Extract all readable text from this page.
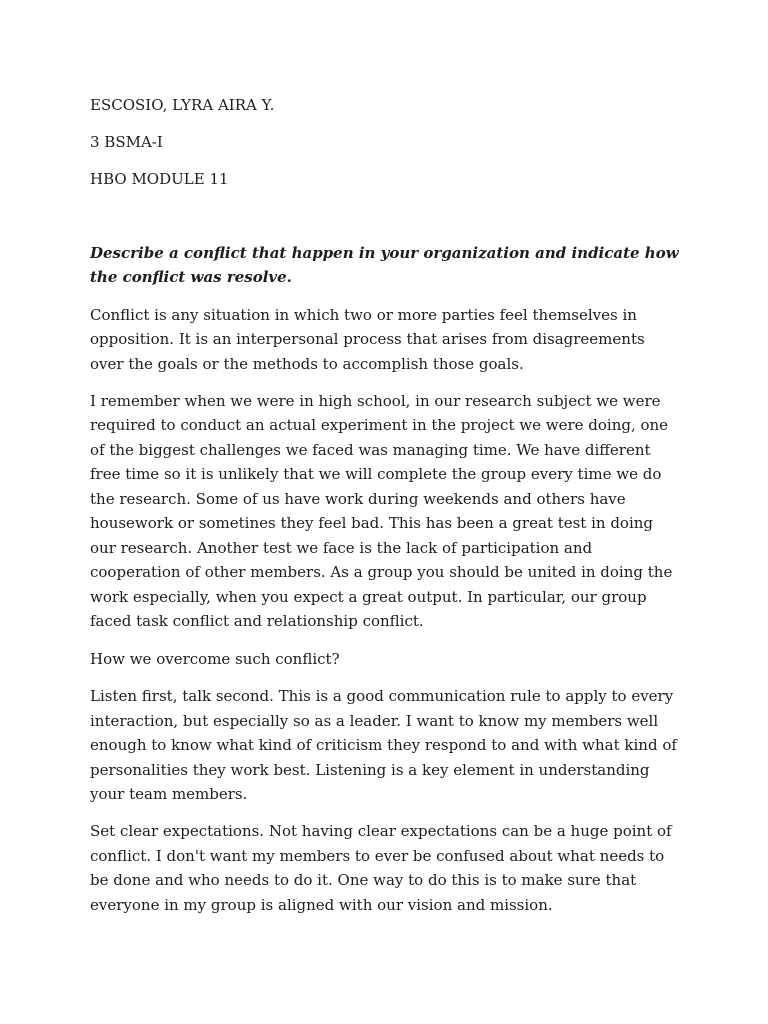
ESCOSIO, LYRA AIRA Y.
3 BSMA-I
HBO MODULE 11
Describe a conflict that happen in your organization and indicate how the conflict was resolve.
Conflict is any situation in which two or more parties feel themselves in opposition. It is an interpersonal process that arises from disagreements over the goals or the methods to accomplish those goals.
I remember when we were in high school, in our research subject we were required to conduct an actual experiment in the project we were doing, one of the biggest challenges we faced was managing time. We have different free time so it is unlikely that we will complete the group every time we do the research. Some of us have work during weekends and others have housework or sometines they feel bad. This has been a great test in doing our research. Another test we face is the lack of participation and cooperation of other members. As a group you should be united in doing the work especially, when you expect a great output. In particular, our group faced task conflict and relationship conflict.
How we overcome such conflict?
Listen first, talk second. This is a good communication rule to apply to every interaction, but especially so as a leader. I want to know my members well enough to know what kind of criticism they respond to and with what kind of personalities they work best. Listening is a key element in understanding your team members.
Set clear expectations. Not having clear expectations can be a huge point of conflict. I don't want my members to ever be confused about what needs to be done and who needs to do it. One way to do this is to make sure that everyone in my group is aligned with our vision and mission.
